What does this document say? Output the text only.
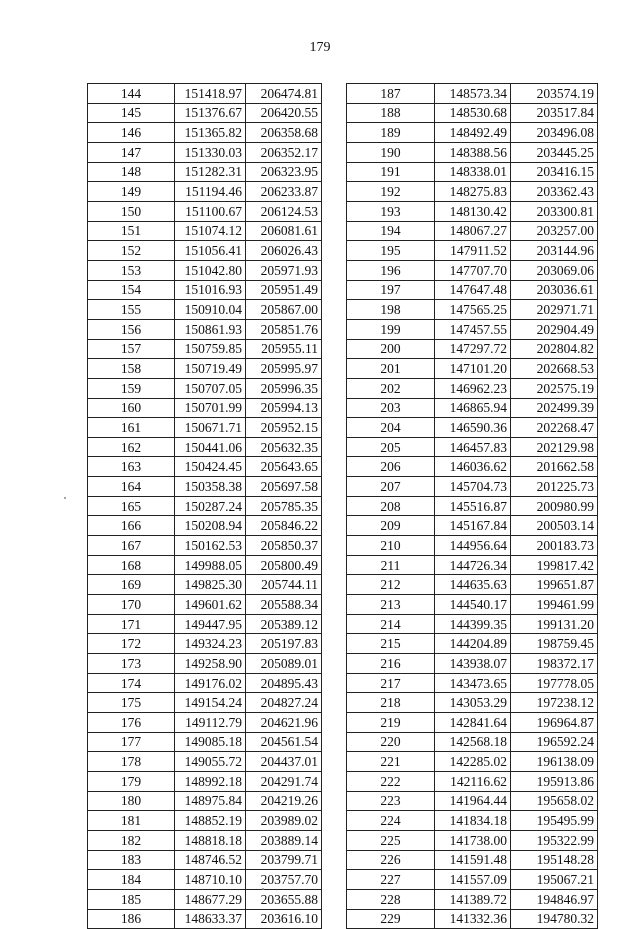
179
144	151418.97	206474.81
145	151376.67	206420.55
146	151365.82	206358.68
147	151330.03	206352.17
148	151282.31	206323.95
149	151194.46	206233.87
150	151100.67	206124.53
151	151074.12	206081.61
152	151056.41	206026.43
153	151042.80	205971.93
154	151016.93	205951.49
155	150910.04	205867.00
156	150861.93	205851.76
157	150759.85	205955.11
158	150719.49	205995.97
159	150707.05	205996.35
160	150701.99	205994.13
161	150671.71	205952.15
162	150441.06	205632.35
163	150424.45	205643.65
164	150358.38	205697.58
165	150287.24	205785.35
166	150208.94	205846.22
167	150162.53	205850.37
168	149988.05	205800.49
169	149825.30	205744.11
170	149601.62	205588.34
171	149447.95	205389.12
172	149324.23	205197.83
173	149258.90	205089.01
174	149176.02	204895.43
175	149154.24	204827.24
176	149112.79	204621.96
177	149085.18	204561.54
178	149055.72	204437.01
179	148992.18	204291.74
180	148975.84	204219.26
181	148852.19	203989.02
182	148818.18	203889.14
183	148746.52	203799.71
184	148710.10	203757.70
185	148677.29	203655.88
186	148633.37	203616.10
187	148573.34	203574.19
188	148530.68	203517.84
189	148492.49	203496.08
190	148388.56	203445.25
191	148338.01	203416.15
192	148275.83	203362.43
193	148130.42	203300.81
194	148067.27	203257.00
195	147911.52	203144.96
196	147707.70	203069.06
197	147647.48	203036.61
198	147565.25	202971.71
199	147457.55	202904.49
200	147297.72	202804.82
201	147101.20	202668.53
202	146962.23	202575.19
203	146865.94	202499.39
204	146590.36	202268.47
205	146457.83	202129.98
206	146036.62	201662.58
207	145704.73	201225.73
208	145516.87	200980.99
209	145167.84	200503.14
210	144956.64	200183.73
211	144726.34	199817.42
212	144635.63	199651.87
213	144540.17	199461.99
214	144399.35	199131.20
215	144204.89	198759.45
216	143938.07	198372.17
217	143473.65	197778.05
218	143053.29	197238.12
219	142841.64	196964.87
220	142568.18	196592.24
221	142285.02	196138.09
222	142116.62	195913.86
223	141964.44	195658.02
224	141834.18	195495.99
225	141738.00	195322.99
226	141591.48	195148.28
227	141557.09	195067.21
228	141389.72	194846.97
229	141332.36	194780.32
